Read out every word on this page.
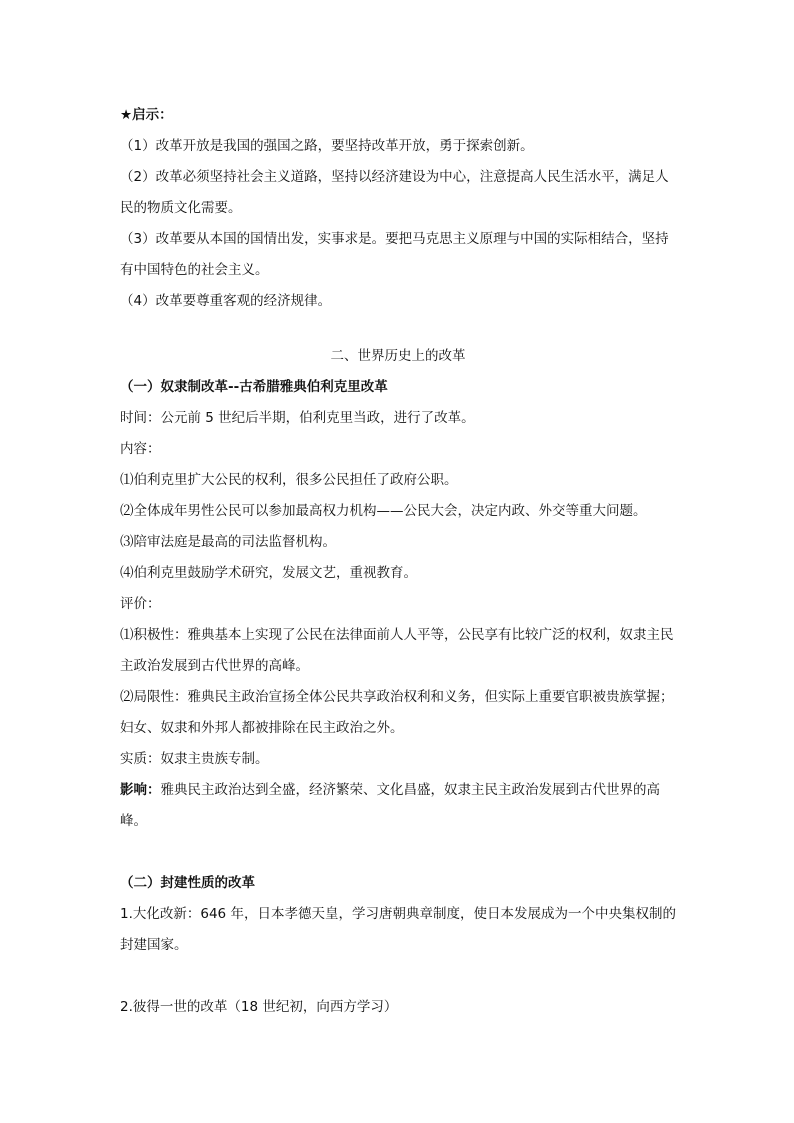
★启示：

（1）改革开放是我国的强国之路，要坚持改革开放，勇于探索创新。

（2）改革必须坚持社会主义道路，坚持以经济建设为中心，注意提高人民生活水平，满足人民的物质文化需要。

（3）改革要从本国的国情出发，实事求是。要把马克思主义原理与中国的实际相结合，坚持有中国特色的社会主义。

（4）改革要尊重客观的经济规律。

二、世界历史上的改革

（一）奴隶制改革--古希腊雅典伯利克里改革

时间：公元前 5 世纪后半期，伯利克里当政，进行了改革。

内容：

⑴伯利克里扩大公民的权利，很多公民担任了政府公职。

⑵全体成年男性公民可以参加最高权力机构——公民大会，决定内政、外交等重大问题。

⑶陪审法庭是最高的司法监督机构。

⑷伯利克里鼓励学术研究，发展文艺，重视教育。

评价：

⑴积极性：雅典基本上实现了公民在法律面前人人平等，公民享有比较广泛的权利，奴隶主民主政治发展到古代世界的高峰。

⑵局限性：雅典民主政治宣扬全体公民共享政治权利和义务，但实际上重要官职被贵族掌握；妇女、奴隶和外邦人都被排除在民主政治之外。

实质：奴隶主贵族专制。

影响：雅典民主政治达到全盛，经济繁荣、文化昌盛，奴隶主民主政治发展到古代世界的高峰。

（二）封建性质的改革

1.大化改新：646 年，日本孝德天皇，学习唐朝典章制度，使日本发展成为一个中央集权制的封建国家。

2.彼得一世的改革（18 世纪初，向西方学习）
